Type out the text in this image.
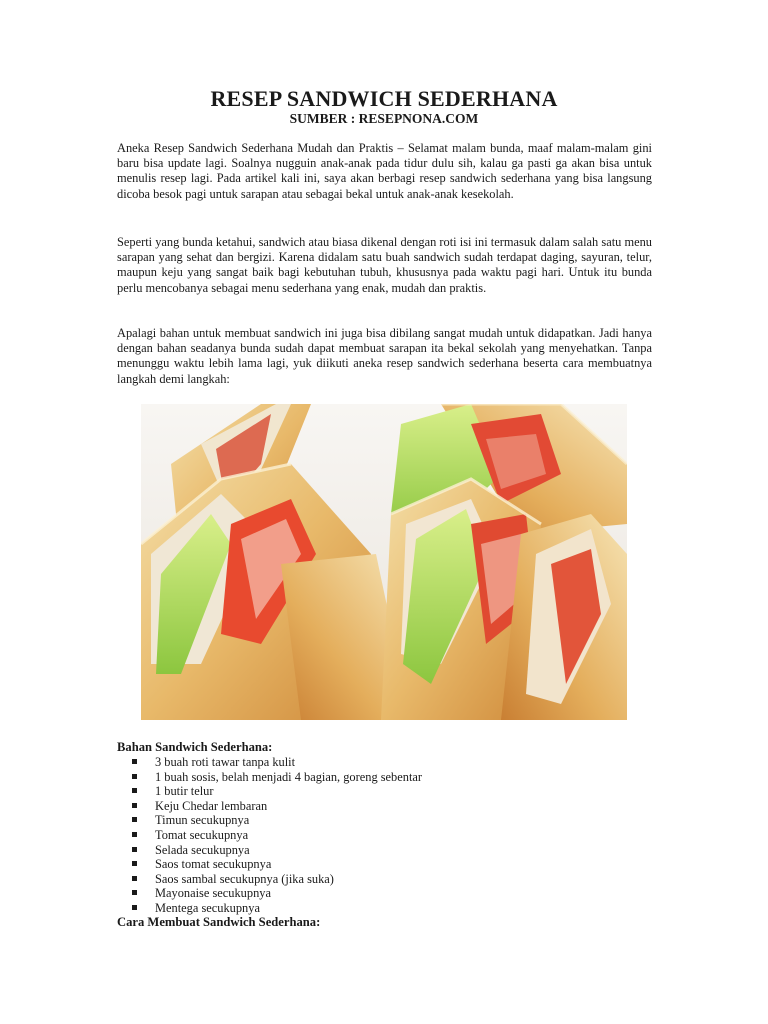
RESEP SANDWICH SEDERHANA

SUMBER : RESEPNONA.COM

Aneka Resep Sandwich Sederhana Mudah dan Praktis – Selamat malam bunda, maaf malam-malam gini baru bisa update lagi. Soalnya nugguin anak-anak pada tidur dulu sih, kalau ga pasti ga akan bisa untuk menulis resep lagi. Pada artikel kali ini, saya akan berbagi resep sandwich sederhana yang bisa langsung dicoba besok pagi untuk sarapan atau sebagai bekal untuk anak-anak kesekolah.

Seperti yang bunda ketahui, sandwich atau biasa dikenal dengan roti isi ini termasuk dalam salah satu menu sarapan yang sehat dan bergizi. Karena didalam satu buah sandwich sudah terdapat daging, sayuran, telur, maupun keju yang sangat baik bagi kebutuhan tubuh, khususnya pada waktu pagi hari. Untuk itu bunda perlu mencobanya sebagai menu sederhana yang enak, mudah dan praktis.

Apalagi bahan untuk membuat sandwich ini juga bisa dibilang sangat mudah untuk didapatkan. Jadi hanya dengan bahan seadanya bunda sudah dapat membuat sarapan ita bekal sekolah yang menyehatkan. Tanpa menunggu waktu lebih lama lagi, yuk diikuti aneka resep sandwich sederhana beserta cara membuatnya langkah demi langkah:

Bahan Sandwich Sederhana:

3 buah roti tawar tanpa kulit
1 buah sosis, belah menjadi 4 bagian, goreng sebentar
1 butir telur
Keju Chedar lembaran
Timun secukupnya
Tomat secukupnya
Selada secukupnya
Saos tomat secukupnya
Saos sambal secukupnya (jika suka)
Mayonaise secukupnya
Mentega secukupnya

Cara Membuat Sandwich Sederhana:
